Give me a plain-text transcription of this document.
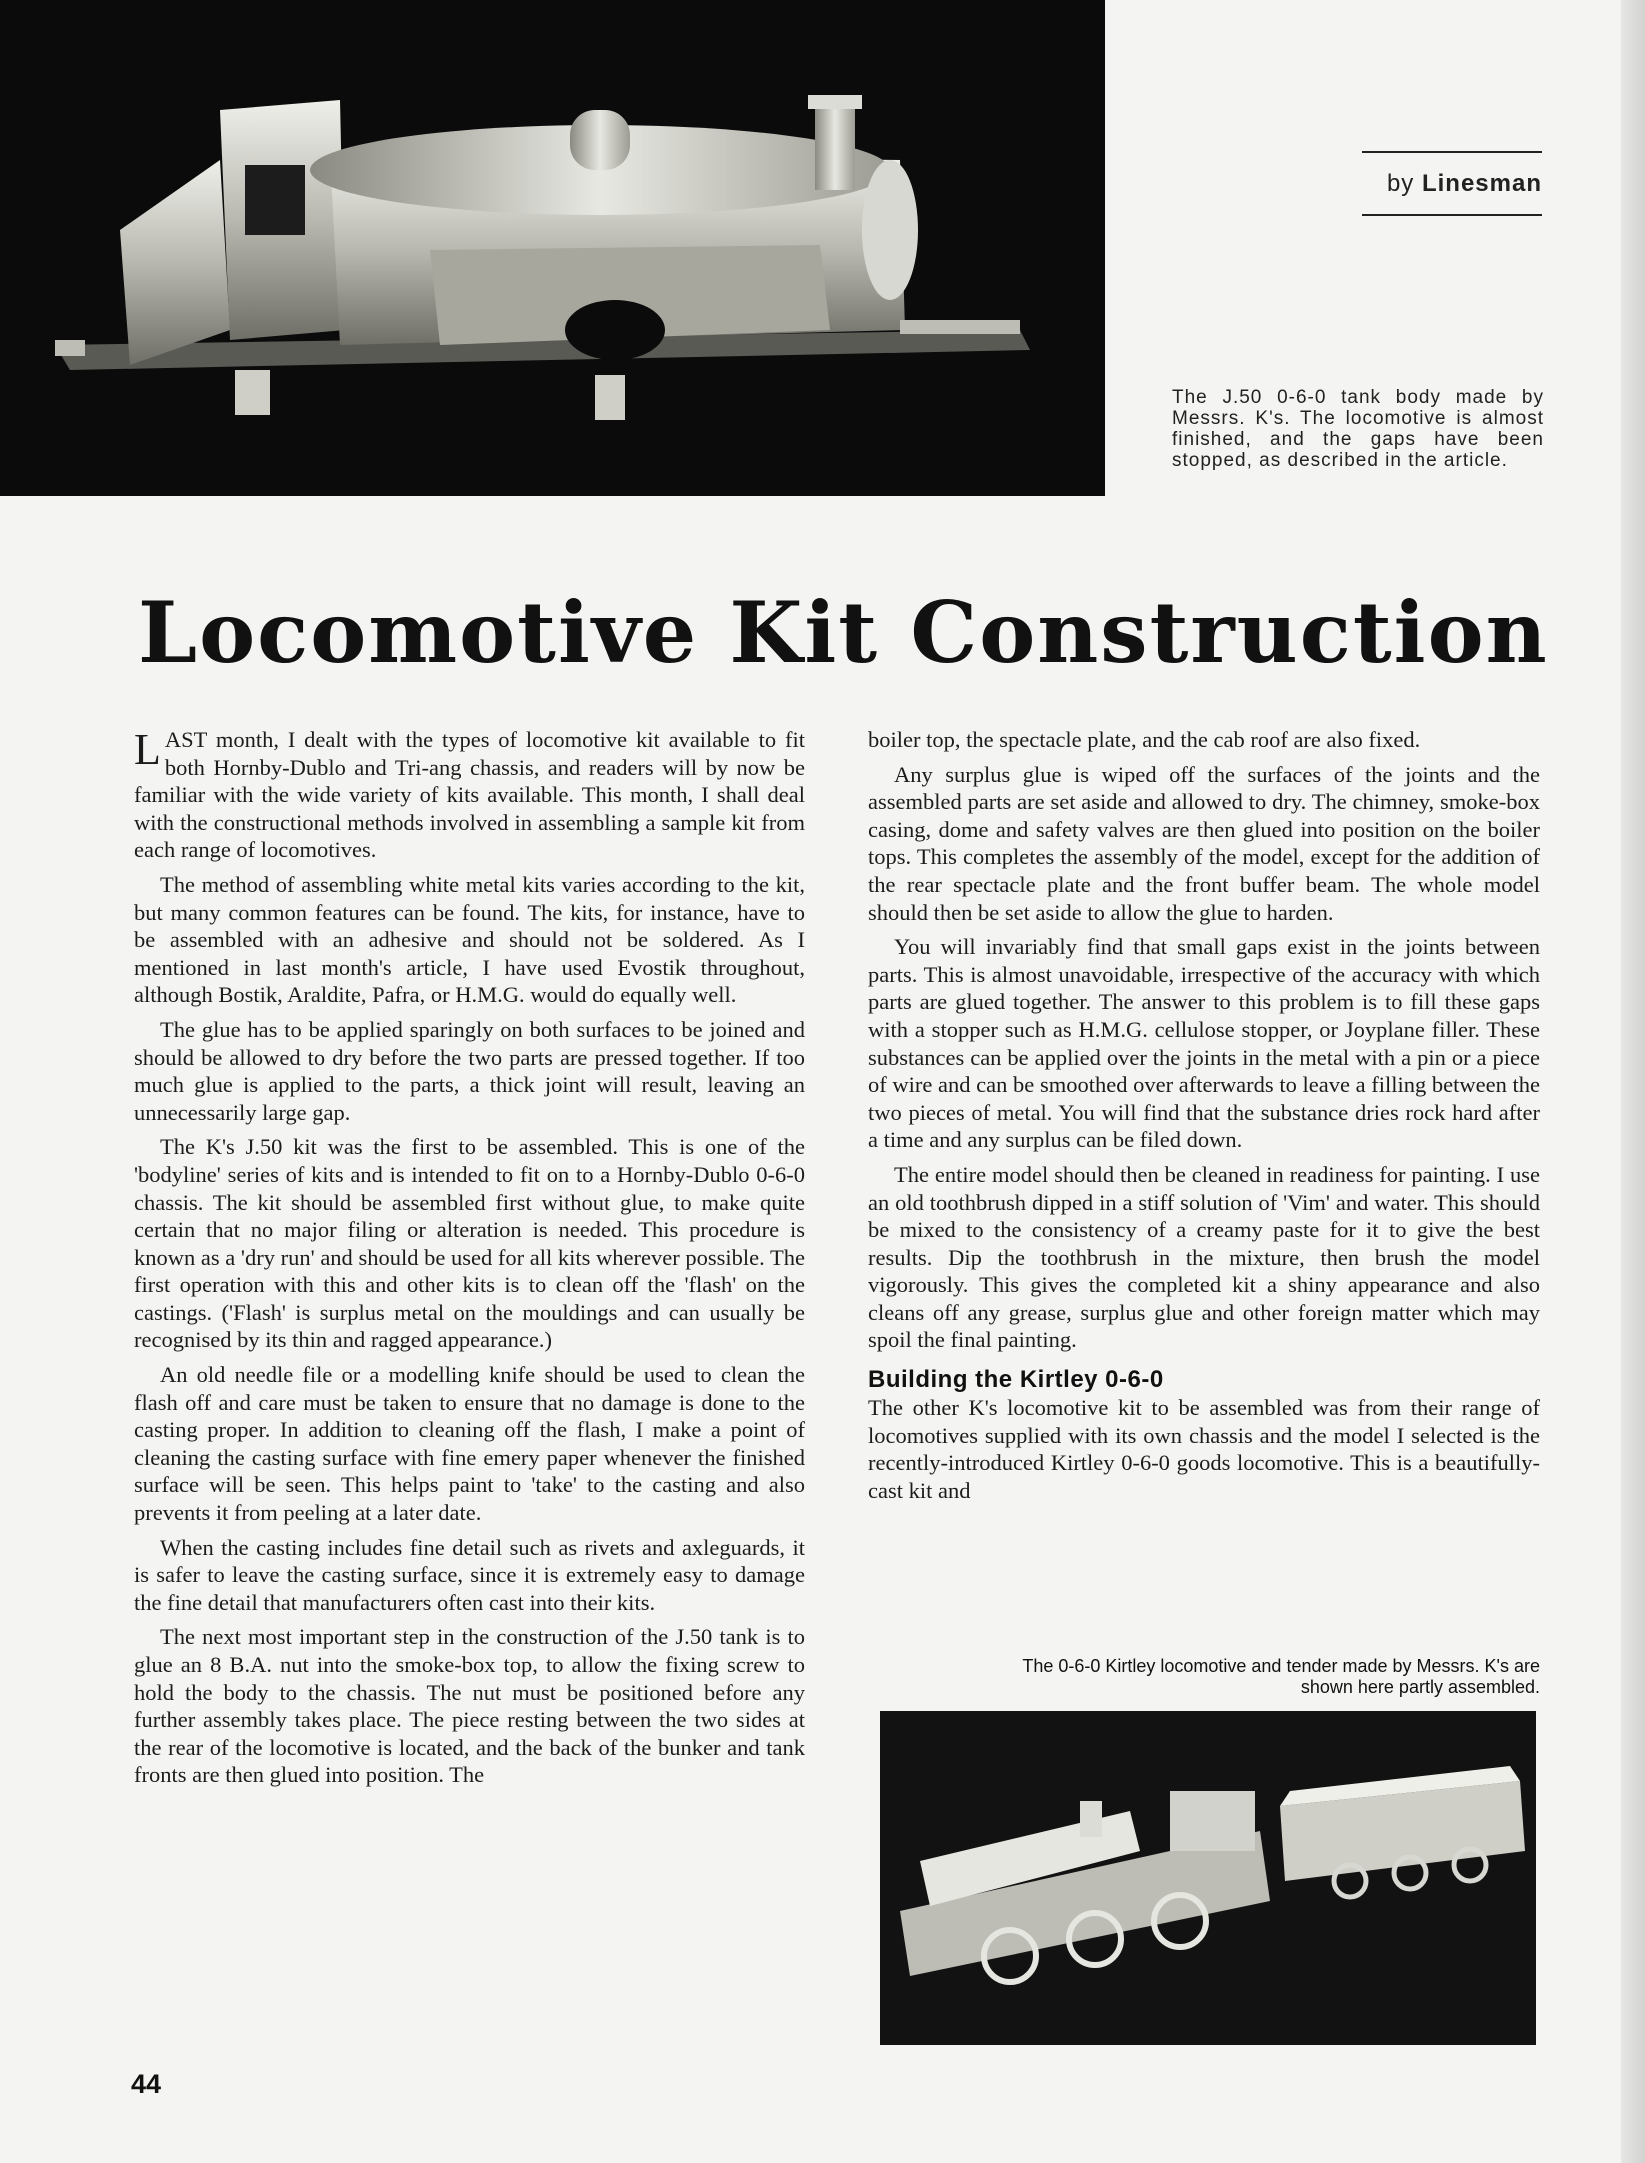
by Linesman
The J.50 0-6-0 tank body made by Messrs. K's. The locomotive is almost finished, and the gaps have been stopped, as described in the article.
Locomotive Kit Construction

LAST month, I dealt with the types of locomotive kit available to fit both Hornby-Dublo and Tri-ang chassis, and readers will by now be familiar with the wide variety of kits available. This month, I shall deal with the constructional methods involved in assembling a sample kit from each range of locomotives.

The method of assembling white metal kits varies according to the kit, but many common features can be found. The kits, for instance, have to be assembled with an adhesive and should not be soldered. As I mentioned in last month's article, I have used Evostik throughout, although Bostik, Araldite, Pafra, or H.M.G. would do equally well.

The glue has to be applied sparingly on both surfaces to be joined and should be allowed to dry before the two parts are pressed together. If too much glue is applied to the parts, a thick joint will result, leaving an unnecessarily large gap.

The K's J.50 kit was the first to be assembled. This is one of the 'bodyline' series of kits and is intended to fit on to a Hornby-Dublo 0-6-0 chassis. The kit should be assembled first without glue, to make quite certain that no major filing or alteration is needed. This procedure is known as a 'dry run' and should be used for all kits wherever possible. The first operation with this and other kits is to clean off the 'flash' on the castings. ('Flash' is surplus metal on the mouldings and can usually be recognised by its thin and ragged appearance.)

An old needle file or a modelling knife should be used to clean the flash off and care must be taken to ensure that no damage is done to the casting proper. In addition to cleaning off the flash, I make a point of cleaning the casting surface with fine emery paper whenever the finished surface will be seen. This helps paint to 'take' to the casting and also prevents it from peeling at a later date.

When the casting includes fine detail such as rivets and axleguards, it is safer to leave the casting surface, since it is extremely easy to damage the fine detail that manufacturers often cast into their kits.

The next most important step in the construction of the J.50 tank is to glue an 8 B.A. nut into the smoke-box top, to allow the fixing screw to hold the body to the chassis. The nut must be positioned before any further assembly takes place. The piece resting between the two sides at the rear of the locomotive is located, and the back of the bunker and tank fronts are then glued into position. The

boiler top, the spectacle plate, and the cab roof are also fixed.

Any surplus glue is wiped off the surfaces of the joints and the assembled parts are set aside and allowed to dry. The chimney, smoke-box casing, dome and safety valves are then glued into position on the boiler tops. This completes the assembly of the model, except for the addition of the rear spectacle plate and the front buffer beam. The whole model should then be set aside to allow the glue to harden.

You will invariably find that small gaps exist in the joints between parts. This is almost unavoidable, irrespective of the accuracy with which parts are glued together. The answer to this problem is to fill these gaps with a stopper such as H.M.G. cellulose stopper, or Joyplane filler. These substances can be applied over the joints in the metal with a pin or a piece of wire and can be smoothed over afterwards to leave a filling between the two pieces of metal. You will find that the substance dries rock hard after a time and any surplus can be filed down.

The entire model should then be cleaned in readiness for painting. I use an old toothbrush dipped in a stiff solution of 'Vim' and water. This should be mixed to the consistency of a creamy paste for it to give the best results. Dip the toothbrush in the mixture, then brush the model vigorously. This gives the completed kit a shiny appearance and also cleans off any grease, surplus glue and other foreign matter which may spoil the final painting.

Building the Kirtley 0-6-0

The other K's locomotive kit to be assembled was from their range of locomotives supplied with its own chassis and the model I selected is the recently-introduced Kirtley 0-6-0 goods locomotive. This is a beautifully-cast kit and

The 0-6-0 Kirtley locomotive and tender made by Messrs. K's are shown here partly assembled.
44
